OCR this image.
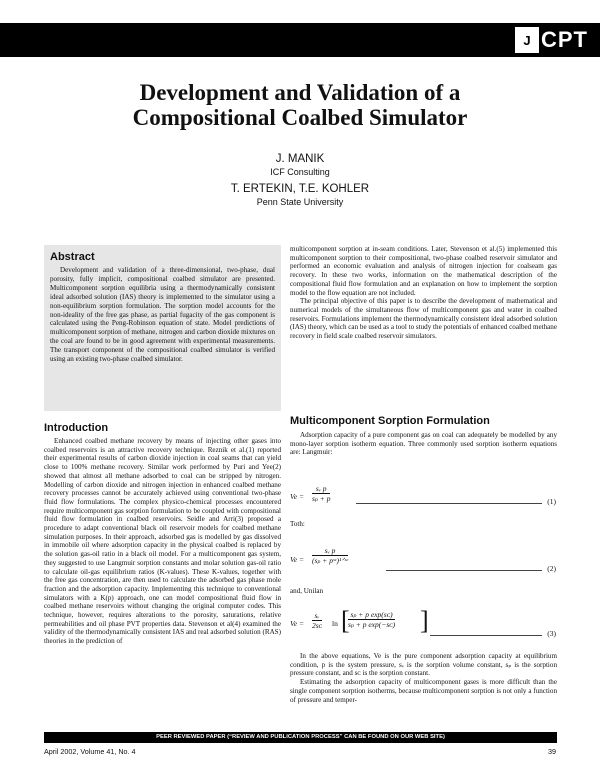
J CPT
Development and Validation of a
Compositional Coalbed Simulator
J. MANIK
ICF Consulting
T. ERTEKIN, T.E. KOHLER
Penn State University
Abstract

Development and validation of a three-dimensional, two-phase, dual porosity, fully implicit, compositional coalbed simulator are presented. Multicomponent sorption equilibria using a thermodynamically consistent ideal adsorbed solution (IAS) theory is implemented to the simulator using a non-equilibrium sorption formulation. The sorption model accounts for the non-ideality of the free gas phase, as partial fugacity of the gas component is calculated using the Peng-Robinson equation of state. Model predictions of multicomponent sorption of methane, nitrogen and carbon dioxide mixtures on the coal are found to be in good agreement with experimental measurements. The transport component of the compositional coalbed simulator is verified using an existing two-phase coalbed simulator.

Introduction

Enhanced coalbed methane recovery by means of injecting other gases into coalbed reservoirs is an attractive recovery technique. Reznik et al.(1) reported their experimental results of carbon dioxide injection in coal seams that can yield close to 100% methane recovery. Similar work performed by Puri and Yee(2) showed that almost all methane adsorbed to coal can be stripped by nitrogen. Modelling of carbon dioxide and nitrogen injection in enhanced coalbed methane recovery processes cannot be accurately achieved using conventional two-phase fluid flow formulations. The complex physico-chemical processes encountered require multicomponent gas sorption formulation to be coupled with compositional fluid flow formulation in coalbed reservoirs. Seidle and Arri(3) proposed a procedure to adapt conventional black oil reservoir models for coalbed methane simulation purposes. In their approach, adsorbed gas is modelled by gas dissolved in immobile oil where adsorption capacity in the physical coalbed is replaced by the solution gas-oil ratio in a black oil model. For a multicomponent gas system, they suggested to use Langmuir sorption constants and molar solution gas-oil ratio to calculate oil-gas equilibrium ratios (K-values). These K-values, together with the free gas concentration, are then used to calculate the adsorbed gas phase mole fraction and the adsorption capacity. Implementing this technique to conventional simulators with a K(p) approach, one can model compositional fluid flow in coalbed methane reservoirs without changing the original computer codes. This technique, however, requires alterations to the porosity, saturations, relative permeabilities and oil phase PVT properties data. Stevenson et al(4) examined the validity of the thermodynamically consistent IAS and real adsorbed solution (RAS) theories in the prediction of

multicomponent sorption at in-seam conditions. Later, Stevenson et al.(5) implemented this multicomponent sorption to their compositional, two-phase coalbed reservoir simulator and performed an economic evaluation and analysis of nitrogen injection for coalseam gas recovery. In these two works, information on the mathematical description of the compositional fluid flow formulation and an explanation on how to implement the sorption model to the flow equation are not included.

The principal objective of this paper is to describe the development of mathematical and numerical models of the simultaneous flow of multicomponent gas and water in coalbed reservoirs. Formulations implement the thermodynamically consistent ideal adsorbed solution (IAS) theory, which can be used as a tool to study the potentials of enhanced coalbed methane recovery in field scale coalbed reservoir simulators.

Multicomponent Sorption Formulation

Adsorption capacity of a pure component gas on coal can adequately be modelled by any mono-layer sorption isotherm equation. Three commonly used sorption isotherm equations are: Langmuir:

$Ve = \frac{\text{sᵥ p}}{\text{sₚ + p}}$	(1)
Toth:
Ve =
sᵥ p
(sₚ + pˢᶜ)¹ᐟˢᶜ
(2)
and, Unilan
$Ve = \frac{\text{sᵥ}}{\text{2sᴄ}}$ ln [
$\frac{\text{sₚ + p exp(sᴄ)}}{\text{sₚ + p exp(−sᴄ)}}$ ]	(3)

In the above equations, Ve is the pure component adsorption capacity at equilibrium condition, p is the system pressure, sᵥ is the sorption volume constant, sₚ is the sorption pressure constant, and sᴄ is the sorption constant.

Estimating the adsorption capacity of multicomponent gases is more difficult than the single component sorption isotherms, because multicomponent sorption is not only a function of pressure and temper-

PEER REVIEWED PAPER (“REVIEW AND PUBLICATION PROCESS” CAN BE FOUND ON OUR WEB SITE)
April 2002, Volume 41, No. 4	39
